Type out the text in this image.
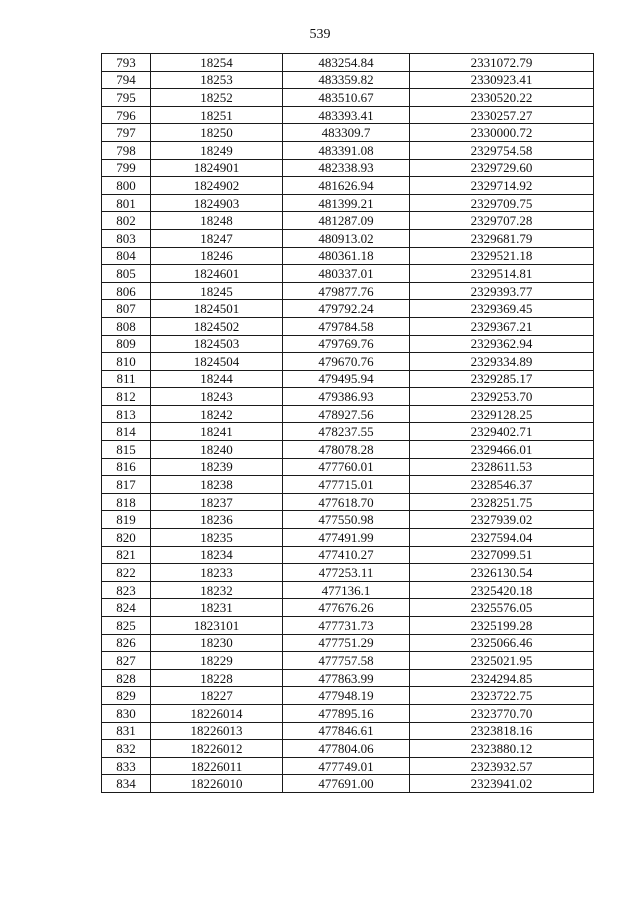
539
793	18254	483254.84	2331072.79
794	18253	483359.82	2330923.41
795	18252	483510.67	2330520.22
796	18251	483393.41	2330257.27
797	18250	483309.7	2330000.72
798	18249	483391.08	2329754.58
799	1824901	482338.93	2329729.60
800	1824902	481626.94	2329714.92
801	1824903	481399.21	2329709.75
802	18248	481287.09	2329707.28
803	18247	480913.02	2329681.79
804	18246	480361.18	2329521.18
805	1824601	480337.01	2329514.81
806	18245	479877.76	2329393.77
807	1824501	479792.24	2329369.45
808	1824502	479784.58	2329367.21
809	1824503	479769.76	2329362.94
810	1824504	479670.76	2329334.89
811	18244	479495.94	2329285.17
812	18243	479386.93	2329253.70
813	18242	478927.56	2329128.25
814	18241	478237.55	2329402.71
815	18240	478078.28	2329466.01
816	18239	477760.01	2328611.53
817	18238	477715.01	2328546.37
818	18237	477618.70	2328251.75
819	18236	477550.98	2327939.02
820	18235	477491.99	2327594.04
821	18234	477410.27	2327099.51
822	18233	477253.11	2326130.54
823	18232	477136.1	2325420.18
824	18231	477676.26	2325576.05
825	1823101	477731.73	2325199.28
826	18230	477751.29	2325066.46
827	18229	477757.58	2325021.95
828	18228	477863.99	2324294.85
829	18227	477948.19	2323722.75
830	18226014	477895.16	2323770.70
831	18226013	477846.61	2323818.16
832	18226012	477804.06	2323880.12
833	18226011	477749.01	2323932.57
834	18226010	477691.00	2323941.02
